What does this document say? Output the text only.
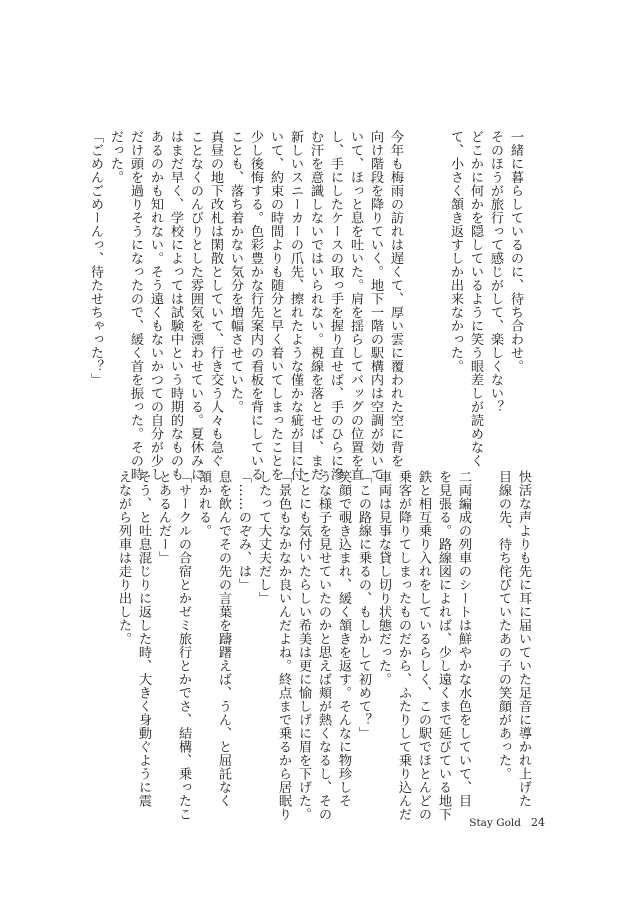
一緒に暮らしているのに、待ち合わせ。
そのほうが旅行って感じがして、楽しくない？
どこかに何かを隠しているように笑う眼差しが読めなく
て、小さく頷き返すしか出来なかった。

今年も梅雨の訪れは遅くて、厚い雲に覆われた空に背を
向け階段を降りていく。地下一階の駅構内は空調が効いて
いて、ほっと息を吐いた。肩を揺らしてバッグの位置を直
し、手にしたケースの取っ手を握り直せば、手のひらに滲
む汗を意識しないではいられない。視線を落とせば、まだ
新しいスニーカーの爪先、擦れたような僅かな疵が目に付
いて、約束の時間よりも随分と早く着いてしまったことを
少し後悔する。色彩豊かな行先案内の看板を背にしている
ことも、落ち着かない気分を増幅させていた。
真昼の地下改札は閑散としていて、行き交う人々も急ぐ
ことなくのんびりとした雰囲気を漂わせている。夏休みに
はまだ早く、学校によっては試験中という時期的なものも
あるのかも知れない。そう遠くもないかつての自分が少し
だけ頭を過りそうになったので、緩く首を振った。その時
だった。
「ごめんごめーんっ、待たせちゃった？」
快活な声よりも先に耳に届いていた足音に導かれ上げた
目線の先、待ち侘びていたあの子の笑顔があった。

二両編成の列車のシートは鮮やかな水色をしていて、目
を見張る。路線図によれば、少し遠くまで延びている地下
鉄と相互乗り入れをしているらしく、この駅でほとんどの
乗客が降りてしまったものだから、ふたりして乗り込んだ
車両は見事な貸し切り状態だった。
「この路線に乗るの、もしかして初めて？」
笑顔で覗き込まれ、緩く頷きを返す。そんなに物珍しそ
うな様子を見せていたのかと思えば頬が熱くなるし、その
ことにも気付いたらしい希美は更に愉しげに眉を下げた。
「景色もなかなか良いんだよね。終点まで乗るから居眠り
したって大丈夫だし」
「……のぞみ、は」
息を飲んでその先の言葉を躊躇えば、うん、と屈託なく
頷かれる。
「サークルの合宿とかゼミ旅行とかでさ、結構、乗ったこ
とあるんだー」
そう、と吐息混じりに返した時、大きく身動ぐように震
えながら列車は走り出した。
Stay Gold 24
